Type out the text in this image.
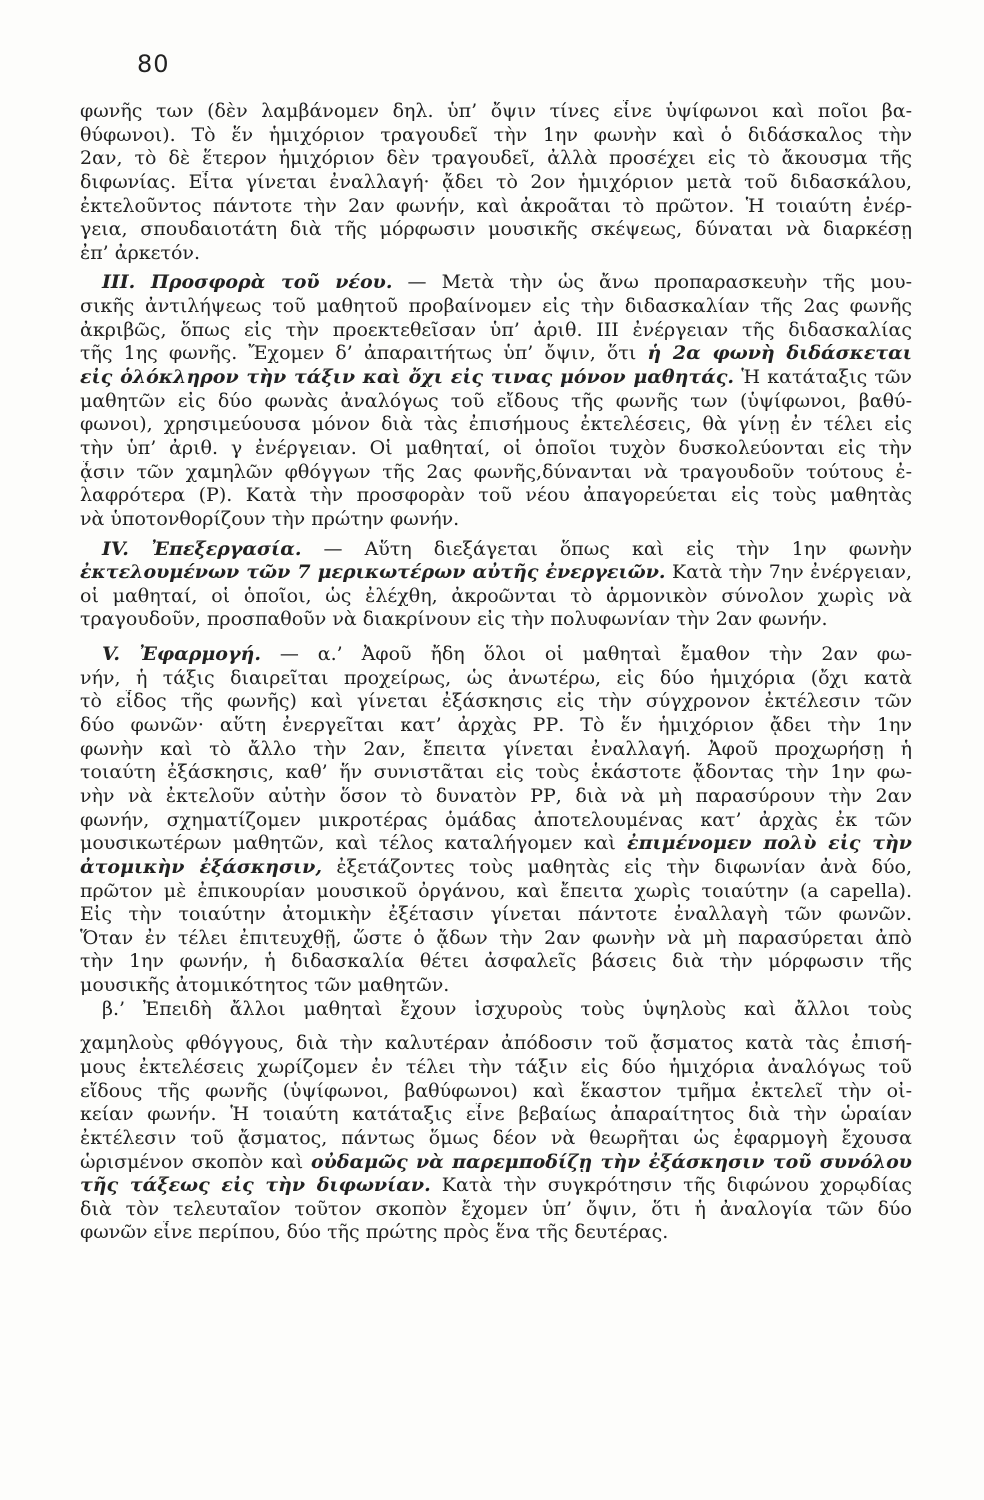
80
φωνῆς των (δὲν λαμβάνομεν δηλ. ὑπ’ ὄψιν τίνες εἶνε ὑψίφωνοι καὶ ποῖοι βα-
θύφωνοι). Τὸ ἕν ἡμιχόριον τραγουδεῖ τὴν 1ην φωνὴν καὶ ὁ διδάσκαλος τὴν
2αν, τὸ δὲ ἕτερον ἡμιχόριον δὲν τραγουδεῖ, ἀλλὰ προσέχει εἰς τὸ ἄκουσμα τῆς
διφωνίας. Εἶτα γίνεται ἐναλλαγή· ᾄδει τὸ 2ον ἡμιχόριον μετὰ τοῦ διδασκάλου,
ἐκτελοῦντος πάντοτε τὴν 2αν φωνήν, καὶ ἀκροᾶται τὸ πρῶτον. Ἡ τοιαύτη ἐνέρ-
γεια, σπουδαιοτάτη διὰ τῆς μόρφωσιν μουσικῆς σκέψεως, δύναται νὰ διαρκέσῃ
ἐπ’ ἀρκετόν.
III. Προσφορὰ τοῦ νέου. — Μετὰ τὴν ὡς ἄνω προπαρασκευὴν τῆς μου-
σικῆς ἀντιλήψεως τοῦ μαθητοῦ προβαίνομεν εἰς τὴν διδασκαλίαν τῆς 2ας φωνῆς
ἀκριβῶς, ὅπως εἰς τὴν προεκτεθεῖσαν ὑπ’ ἀριθ. ΙΙΙ ἐνέργειαν τῆς διδασκαλίας
τῆς 1ης φωνῆς. Ἔχομεν δ’ ἀπαραιτήτως ὑπ’ ὄψιν, ὅτι ἡ 2α φωνὴ διδάσκεται
εἰς ὁλόκληρον τὴν τάξιν καὶ ὄχι εἰς τινας μόνον μαθητάς. Ἡ κατάταξις τῶν
μαθητῶν εἰς δύο φωνὰς ἀναλόγως τοῦ εἴδους τῆς φωνῆς των (ὑψίφωνοι, βαθύ-
φωνοι), χρησιμεύουσα μόνον διὰ τὰς ἐπισήμους ἐκτελέσεις, θὰ γίνῃ ἐν τέλει εἰς
τὴν ὑπ’ ἀριθ. γ ἐνέργειαν. Οἱ μαθηταί, οἱ ὁποῖοι τυχὸν δυσκολεύονται εἰς τὴν
ᾆσιν τῶν χαμηλῶν φθόγγων τῆς 2ας φωνῆς,δύνανται νὰ τραγουδοῦν τούτους ἐ-
λαφρότερα (Ρ). Κατὰ τὴν προσφορὰν τοῦ νέου ἀπαγορεύεται εἰς τοὺς μαθητὰς
νὰ ὑποτονθορίζουν τὴν πρώτην φωνήν.
IV. Ἐπεξεργασία. — Αὕτη διεξάγεται ὅπως καὶ εἰς τὴν 1ην φωνὴν
ἐκτελουμένων τῶν 7 μερικωτέρων αὐτῆς ἐνεργειῶν. Κατὰ τὴν 7ην ἐνέργειαν,
οἱ μαθηταί, οἱ ὁποῖοι, ὡς ἐλέχθη, ἀκροῶνται τὸ ἁρμονικὸν σύνολον χωρὶς νὰ
τραγουδοῦν, προσπαθοῦν νὰ διακρίνουν εἰς τὴν πολυφωνίαν τὴν 2αν φωνήν.
V. Ἐφαρμογή. — α.’ Ἀφοῦ ἤδη ὅλοι οἱ μαθηταὶ ἔμαθον τὴν 2αν φω-
νήν, ἡ τάξις διαιρεῖται προχείρως, ὡς ἀνωτέρω, εἰς δύο ἡμιχόρια (ὄχι κατὰ
τὸ εἶδος τῆς φωνῆς) καὶ γίνεται ἐξάσκησις εἰς τὴν σύγχρονον ἐκτέλεσιν τῶν
δύο φωνῶν· αὕτη ἐνεργεῖται κατ’ ἀρχὰς ΡΡ. Τὸ ἕν ἡμιχόριον ᾄδει τὴν 1ην
φωνὴν καὶ τὸ ἄλλο τὴν 2αν, ἔπειτα γίνεται ἐναλλαγή. Ἀφοῦ προχωρήσῃ ἡ
τοιαύτη ἐξάσκησις, καθ’ ἥν συνιστᾶται εἰς τοὺς ἑκάστοτε ᾄδοντας τὴν 1ην φω-
νὴν νὰ ἐκτελοῦν αὐτὴν ὅσον τὸ δυνατὸν ΡΡ, διὰ νὰ μὴ παρασύρουν τὴν 2αν
φωνήν, σχηματίζομεν μικροτέρας ὁμάδας ἀποτελουμένας κατ’ ἀρχὰς ἐκ τῶν
μουσικωτέρων μαθητῶν, καὶ τέλος καταλήγομεν καὶ ἐπιμένομεν πολὺ εἰς τὴν
ἀτομικὴν ἐξάσκησιν, ἐξετάζοντες τοὺς μαθητὰς εἰς τὴν διφωνίαν ἀνὰ δύο,
πρῶτον μὲ ἐπικουρίαν μουσικοῦ ὀργάνου, καὶ ἔπειτα χωρὶς τοιαύτην (a capella).
Εἰς τὴν τοιαύτην ἀτομικὴν ἐξέτασιν γίνεται πάντοτε ἐναλλαγὴ τῶν φωνῶν.
Ὅταν ἐν τέλει ἐπιτευχθῇ, ὥστε ὁ ᾄδων τὴν 2αν φωνὴν νὰ μὴ παρασύρεται ἀπὸ
τὴν 1ην φωνήν, ἡ διδασκαλία θέτει ἀσφαλεῖς βάσεις διὰ τὴν μόρφωσιν τῆς
μουσικῆς ἀτομικότητος τῶν μαθητῶν.
β.’ Ἐπειδὴ ἄλλοι μαθηταὶ ἔχουν ἰσχυροὺς τοὺς ὑψηλοὺς καὶ ἄλλοι τοὺς
χαμηλοὺς φθόγγους, διὰ τὴν καλυτέραν ἀπόδοσιν τοῦ ᾄσματος κατὰ τὰς ἐπισή-
μους ἐκτελέσεις χωρίζομεν ἐν τέλει τὴν τάξιν εἰς δύο ἡμιχόρια ἀναλόγως τοῦ
εἴδους τῆς φωνῆς (ὑψίφωνοι, βαθύφωνοι) καὶ ἕκαστον τμῆμα ἐκτελεῖ τὴν οἰ-
κείαν φωνήν. Ἡ τοιαύτη κατάταξις εἶνε βεβαίως ἀπαραίτητος διὰ τὴν ὡραίαν
ἐκτέλεσιν τοῦ ᾄσματος, πάντως ὅμως δέον νὰ θεωρῆται ὡς ἐφαρμογὴ ἔχουσα
ὡρισμένον σκοπὸν καὶ οὐδαμῶς νὰ παρεμποδίζῃ τὴν ἐξάσκησιν τοῦ συνόλου
τῆς τάξεως εἰς τὴν διφωνίαν. Κατὰ τὴν συγκρότησιν τῆς διφώνου χορῳδίας
διὰ τὸν τελευταῖον τοῦτον σκοπὸν ἔχομεν ὑπ’ ὄψιν, ὅτι ἡ ἀναλογία τῶν δύο
φωνῶν εἶνε περίπου, δύο τῆς πρώτης πρὸς ἕνα τῆς δευτέρας.
